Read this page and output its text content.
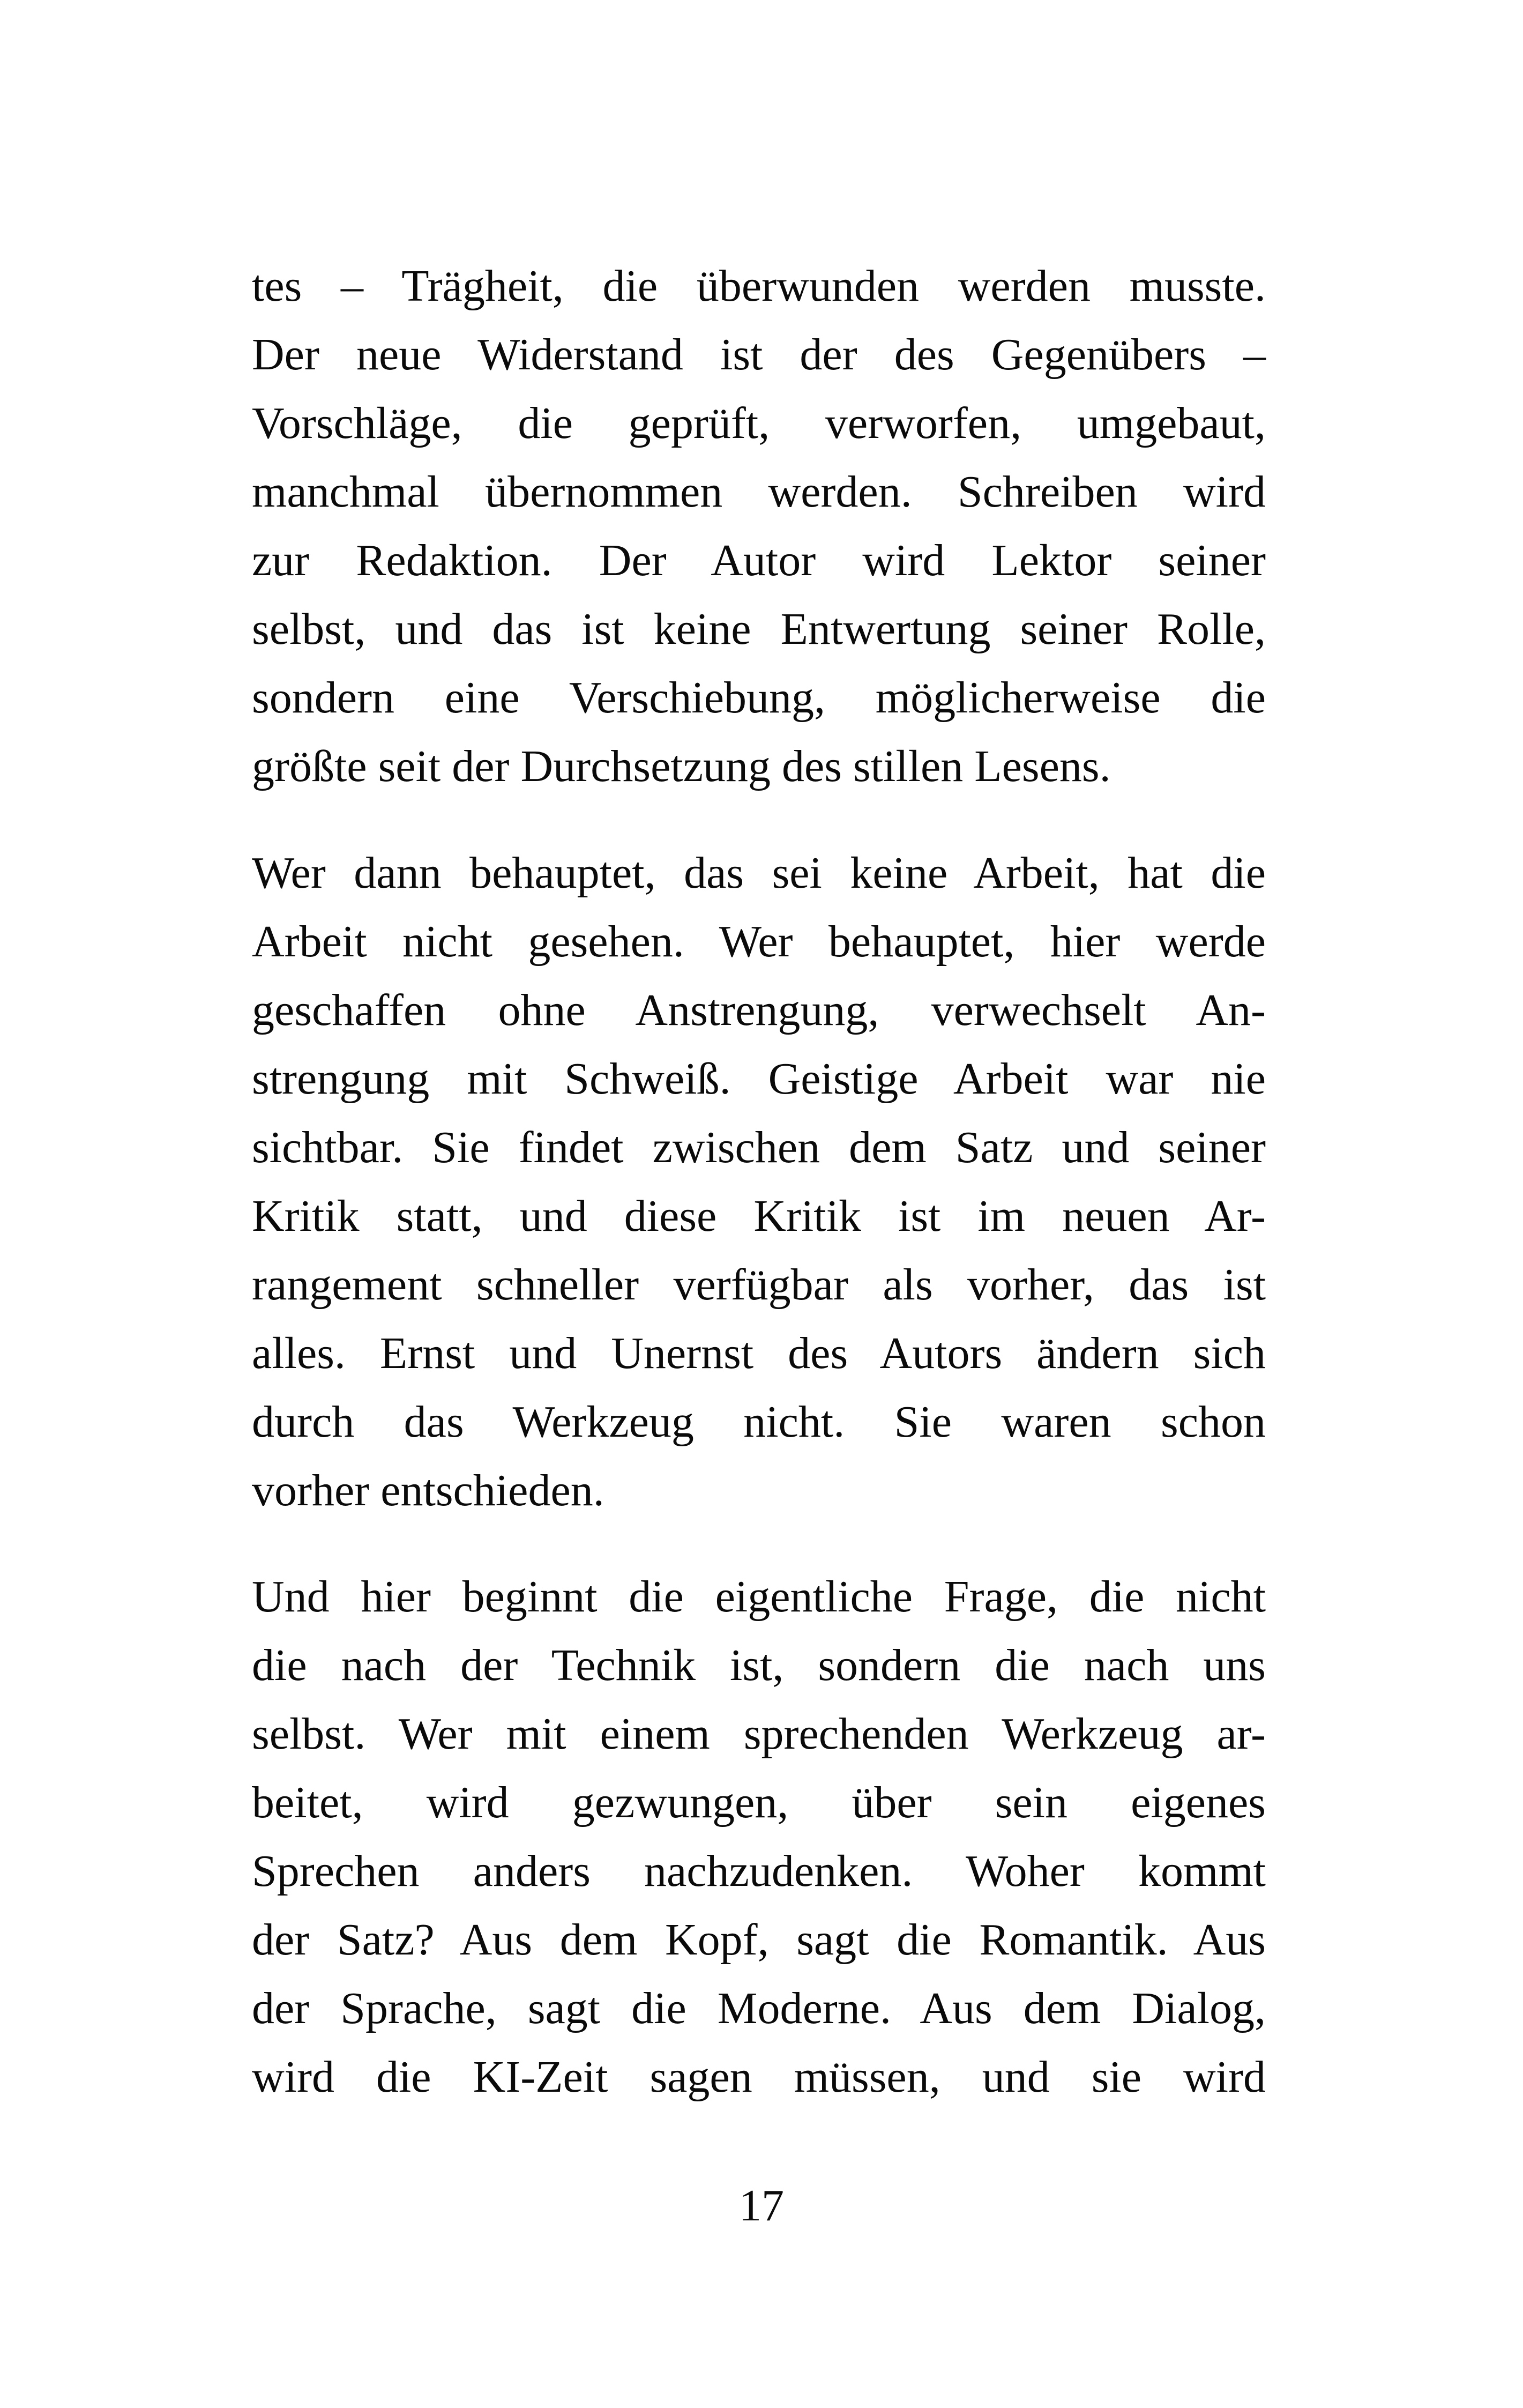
tes – Trägheit, die überwunden werden musste.
Der neue Widerstand ist der des Gegenübers –
Vorschläge, die geprüft, verworfen, umgebaut,
manchmal übernommen werden. Schreiben wird
zur Redaktion. Der Autor wird Lektor seiner
selbst, und das ist keine Entwertung seiner Rolle,
sondern eine Verschiebung, möglicherweise die
größte seit der Durchsetzung des stillen Lesens.
Wer dann behauptet, das sei keine Arbeit, hat die
Arbeit nicht gesehen. Wer behauptet, hier werde
geschaffen ohne Anstrengung, verwechselt An-
strengung mit Schweiß. Geistige Arbeit war nie
sichtbar. Sie findet zwischen dem Satz und seiner
Kritik statt, und diese Kritik ist im neuen Ar-
rangement schneller verfügbar als vorher, das ist
alles. Ernst und Unernst des Autors ändern sich
durch das Werkzeug nicht. Sie waren schon
vorher entschieden.
Und hier beginnt die eigentliche Frage, die nicht
die nach der Technik ist, sondern die nach uns
selbst. Wer mit einem sprechenden Werkzeug ar-
beitet, wird gezwungen, über sein eigenes
Sprechen anders nachzudenken. Woher kommt
der Satz? Aus dem Kopf, sagt die Romantik. Aus
der Sprache, sagt die Moderne. Aus dem Dialog,
wird die KI-Zeit sagen müssen, und sie wird
17
